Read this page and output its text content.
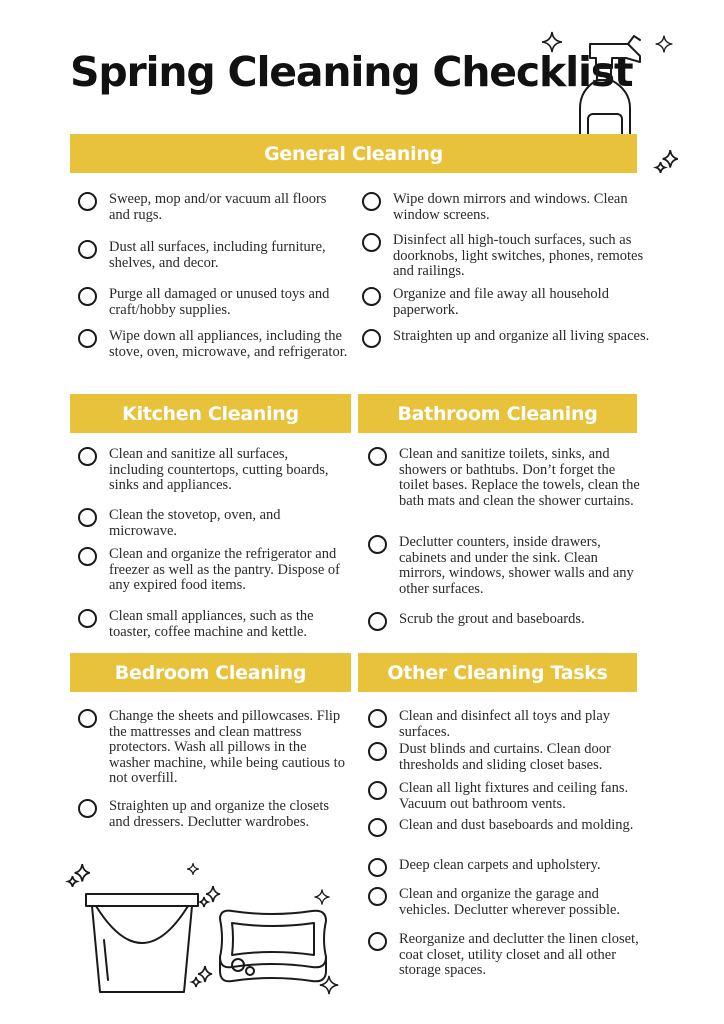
Spring Cleaning Checklist
General Cleaning
Sweep, mop and/or vacuum all floors and rugs.
Dust all surfaces, including furniture, shelves, and decor.
Purge all damaged or unused toys and craft/hobby supplies.
Wipe down all appliances, including the stove, oven, microwave, and refrigerator.
Wipe down mirrors and windows. Clean window screens.
Disinfect all high-touch surfaces, such as doorknobs, light switches, phones, remotes and railings.
Organize and file away all household paperwork.
Straighten up and organize all living spaces.
Kitchen Cleaning
Clean and sanitize all surfaces, including countertops, cutting boards, sinks and appliances.
Clean the stovetop, oven, and microwave.
Clean and organize the refrigerator and freezer as well as the pantry. Dispose of any expired food items.
Clean small appliances, such as the toaster, coffee machine and kettle.
Bathroom Cleaning
Clean and sanitize toilets, sinks, and showers or bathtubs. Don’t forget the toilet bases. Replace the towels, clean the bath mats and clean the shower curtains.
Declutter counters, inside drawers, cabinets and under the sink. Clean mirrors, windows, shower walls and any other surfaces.
Scrub the grout and baseboards.
Bedroom Cleaning
Change the sheets and pillowcases. Flip the mattresses and clean mattress protectors. Wash all pillows in the washer machine, while being cautious to not overfill.
Straighten up and organize the closets and dressers. Declutter wardrobes.
Other Cleaning Tasks
Clean and disinfect all toys and play surfaces.
Dust blinds and curtains. Clean door thresholds and sliding closet bases.
Clean all light fixtures and ceiling fans. Vacuum out bathroom vents.
Clean and dust baseboards and molding.
Deep clean carpets and upholstery.
Clean and organize the garage and vehicles. Declutter wherever possible.
Reorganize and declutter the linen closet, coat closet, utility closet and all other storage spaces.
